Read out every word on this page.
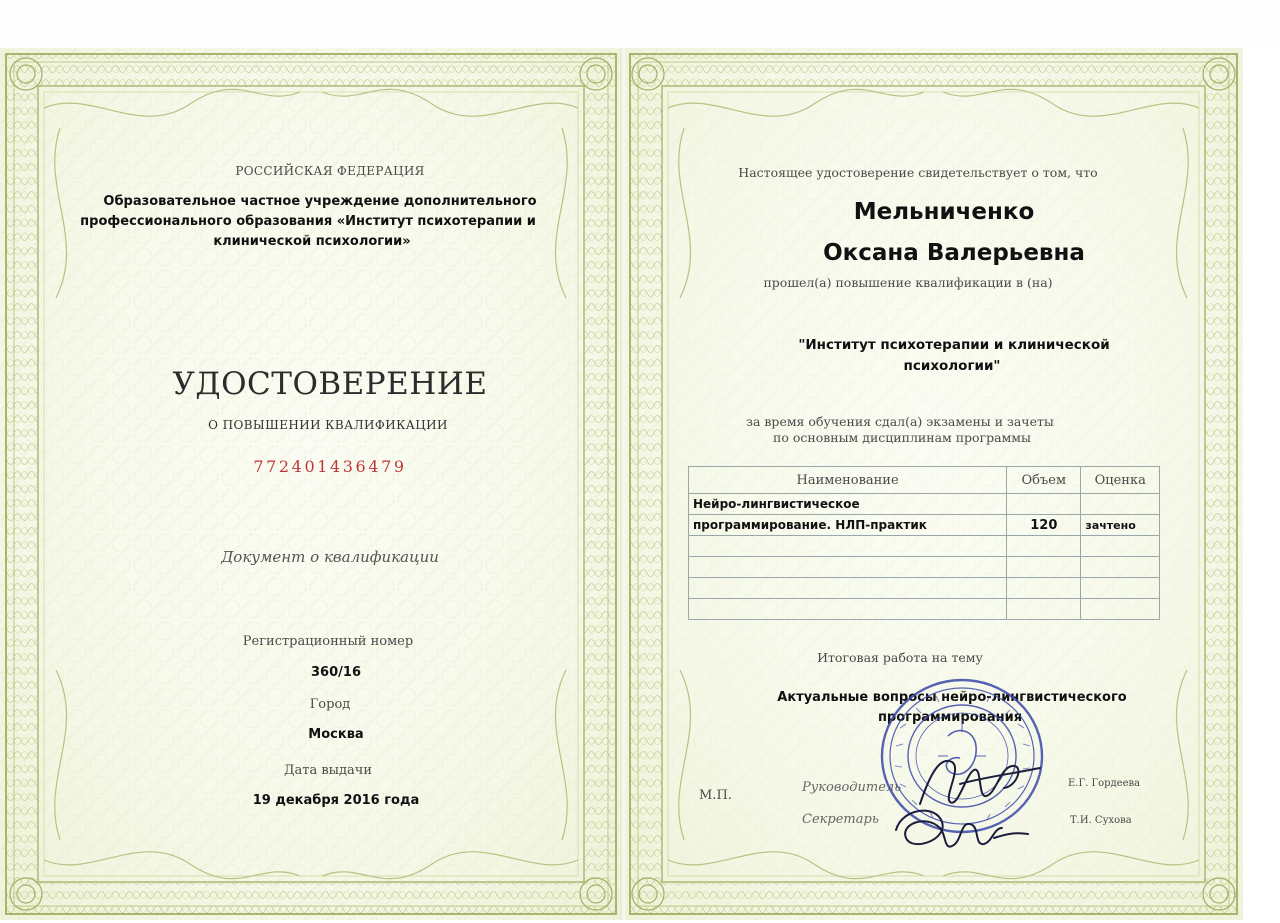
РОССИЙСКАЯ ФЕДЕРАЦИЯ
Образовательное частное учреждение дополнительного
профессионального образования «Институт психотерапии и
клинической психологии»
УДОСТОВЕРЕНИЕ
О ПОВЫШЕНИИ КВАЛИФИКАЦИИ
772401436479
Документ о квалификации
Регистрационный номер
360/16
Город
Москва
Дата выдачи
19 декабря 2016 года
Настоящее удостоверение свидетельствует о том, что
Мельниченко
Оксана Валерьевна
прошел(а) повышение квалификации в (на)
"Институт психотерапии и клинической
психологии"
за время обучения сдал(а) экзамены и зачеты
по основным дисциплинам программы
Наименование	Объем	Оценка
Нейро-лингвистическое		
программирование. НЛП-практик	120	зачтено

Итоговая работа на тему
Актуальные вопросы нейро-лингвистического
программирования
М.П.
Руководитель	Е.Г. Гордеева
Секретарь	Т.И. Сухова
